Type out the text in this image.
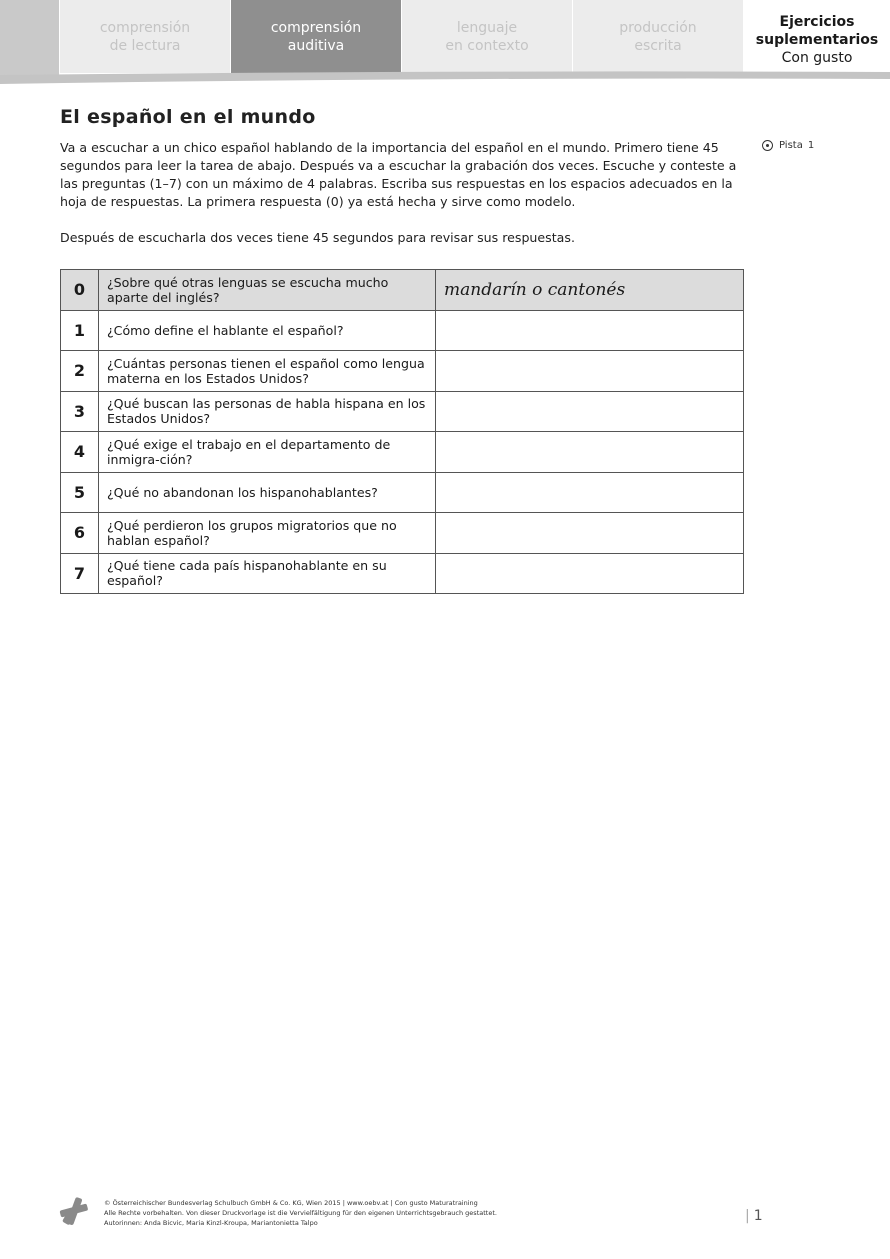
comprensión
de lectura
comprensión
auditiva
lenguaje
en contexto
producción
escrita
Ejercicios
suplementarios
Con gusto
El español en el mundo

Va a escuchar a un chico español hablando de la importancia del español en el mundo. Primero tiene 45 segundos para leer la tarea de abajo. Después va a escuchar la grabación dos veces. Escuche y conteste a las preguntas (1–7) con un máximo de 4 palabras. Escriba sus respuestas en los espacios adecuados en la hoja de respuestas. La primera respuesta (0) ya está hecha y sirve como modelo.

Después de escucharla dos veces tiene 45 segundos para revisar sus respuestas.

Pista 1
0	¿Sobre qué otras lenguas se escucha mucho aparte del inglés?	mandarín o cantonés
1	¿Cómo define el hablante el español?	
2	¿Cuántas personas tienen el español como lengua materna en los Estados Unidos?	
3	¿Qué buscan las personas de habla hispana en los Estados Unidos?	
4	¿Qué exige el trabajo en el departamento de inmigra-ción?	
5	¿Qué no abandonan los hispanohablantes?	
6	¿Qué perdieron los grupos migratorios que no hablan español?	
7	¿Qué tiene cada país hispanohablante en su español?	
© Österreichischer Bundesverlag Schulbuch GmbH & Co. KG, Wien 2015 | www.oebv.at | Con gusto Maturatraining
Alle Rechte vorbehalten. Von dieser Druckvorlage ist die Vervielfältigung für den eigenen Unterrichtsgebrauch gestattet.
Autorinnen: Anda Bicvic, Maria Kinzl-Kroupa, Mariantonietta Talpo	| 1
